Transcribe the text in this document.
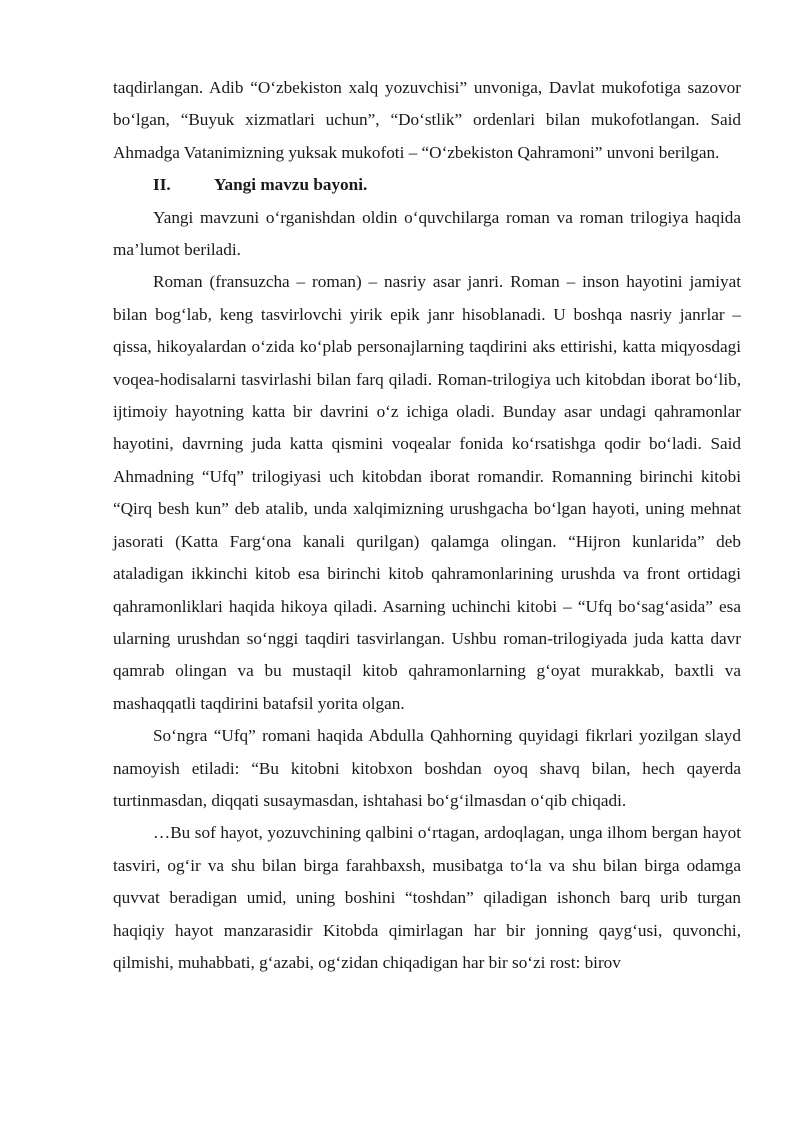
taqdirlangan. Adib “O‘zbekiston xalq yozuvchisi” unvoniga, Davlat mukofotiga sazovor bo‘lgan, “Buyuk xizmatlari uchun”, “Do‘stlik” ordenlari bilan mukofotlangan. Said Ahmadga Vatanimizning yuksak mukofoti – “O‘zbekiston Qahramoni” unvoni berilgan.

II.	Yangi mavzu bayoni.

Yangi mavzuni o‘rganishdan oldin o‘quvchilarga roman va roman trilogiya haqida ma’lumot beriladi.

Roman (fransuzcha – roman) – nasriy asar janri. Roman – inson hayotini jamiyat bilan bog‘lab, keng tasvirlovchi yirik epik janr hisoblanadi. U boshqa nasriy janrlar – qissa, hikoyalardan o‘zida ko‘plab personajlarning taqdirini aks ettirishi, katta miqyosdagi voqea-hodisalarni tasvirlashi bilan farq qiladi. Roman-trilogiya uch kitobdan iborat bo‘lib, ijtimoiy hayotning katta bir davrini o‘z ichiga oladi. Bunday asar undagi qahramonlar hayotini, davrning juda katta qismini voqealar fonida ko‘rsatishga qodir bo‘ladi. Said Ahmadning “Ufq” trilogiyasi uch kitobdan iborat romandir. Romanning birinchi kitobi “Qirq besh kun” deb atalib, unda xalqimizning urushgacha bo‘lgan hayoti, uning mehnat jasorati (Katta Farg‘ona kanali qurilgan) qalamga olingan. “Hijron kunlarida” deb ataladigan ikkinchi kitob esa birinchi kitob qahramonlarining urushda va front ortidagi qahramonliklari haqida hikoya qiladi. Asarning uchinchi kitobi – “Ufq bo‘sag‘asida” esa ularning urushdan so‘nggi taqdiri tasvirlangan. Ushbu roman-trilogiyada juda katta davr qamrab olingan va bu mustaqil kitob qahramonlarning g‘oyat murakkab, baxtli va mashaqqatli taqdirini batafsil yorita olgan.

So‘ngra “Ufq” romani haqida Abdulla Qahhorning quyidagi fikrlari yozilgan slayd namoyish etiladi: “Bu kitobni kitobxon boshdan oyoq shavq bilan, hech qayerda turtinmasdan, diqqati susaymasdan, ishtahasi bo‘g‘ilmasdan o‘qib chiqadi.

…Bu sof hayot, yozuvchining qalbini o‘rtagan, ardoqlagan, unga ilhom bergan hayot tasviri, og‘ir va shu bilan birga farahbaxsh, musibatga to‘la va shu bilan birga odamga quvvat beradigan umid, uning boshini “toshdan” qiladigan ishonch barq urib turgan haqiqiy hayot manzarasidir Kitobda qimirlagan har bir jonning qayg‘usi, quvonchi, qilmishi, muhabbati, g‘azabi, og‘zidan chiqadigan har bir so‘zi rost: birov
